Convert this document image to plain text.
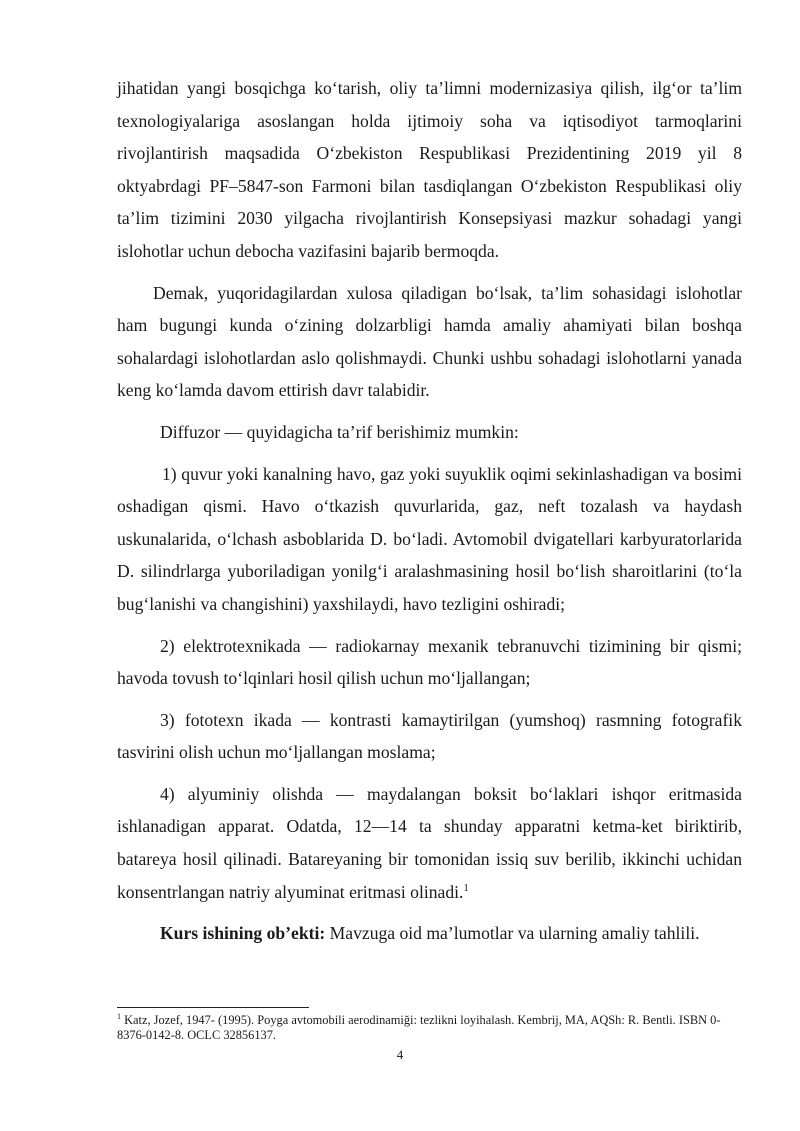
jihatidan yangi bosqichga koʻtarish, oliy taʼlimni modernizasiya qilish, ilgʻor taʼlim texnologiyalariga asoslangan holda ijtimoiy soha va iqtisodiyot tarmoqlarini rivojlantirish maqsadida Oʻzbekiston Respublikasi Prezidentining 2019 yil 8 oktyabrdagi PF–5847-son Farmoni bilan tasdiqlangan Oʻzbekiston Respublikasi oliy taʼlim tizimini 2030 yilgacha rivojlantirish Konsepsiyasi mazkur sohadagi yangi islohotlar uchun debocha vazifasini bajarib bermoqda.

Demak, yuqoridagilardan xulosa qiladigan boʻlsak, taʼlim sohasidagi islohotlar ham bugungi kunda oʻzining dolzarbligi hamda amaliy ahamiyati bilan boshqa sohalardagi islohotlardan aslo qolishmaydi. Chunki ushbu sohadagi islohotlarni yanada keng koʻlamda davom ettirish davr talabidir.

Diffuzor — quyidagicha taʼrif berishimiz mumkin:

1) quvur yoki kanalning havo, gaz yoki suyuklik oqimi sekinlashadigan va bosimi oshadigan qismi. Havo oʻtkazish quvurlarida, gaz, neft tozalash va haydash uskunalarida, oʻlchash asboblarida D. boʻladi. Avtomobil dvigatellari karbyuratorlarida D. silindrlarga yuboriladigan yonilgʻi aralashmasining hosil boʻlish sharoitlarini (toʻla bugʻlanishi va changishini) yaxshilaydi, havo tezligini oshiradi;

2) elektrotexnikada — radiokarnay mexanik tebranuvchi tizimining bir qismi; havoda tovush toʻlqinlari hosil qilish uchun moʻljallangan;

3) fototexn ikada — kontrasti kamaytirilgan (yumshoq) rasmning fotografik tasvirini olish uchun moʻljallangan moslama;

4) alyuminiy olishda — maydalangan boksit boʻlaklari ishqor eritmasida ishlanadigan apparat. Odatda, 12—14 ta shunday apparatni ketma-ket biriktirib, batareya hosil qilinadi. Batareyaning bir tomonidan issiq suv berilib, ikkinchi uchidan konsentrlangan natriy alyuminat eritmasi olinadi.$^1$

Kurs ishining obʼekti: Mavzuga oid maʼlumotlar va ularning amaliy tahlili.

$^1$ Katz, Jozef, 1947- (1995). Poyga avtomobili aerodinamiği: tezlikni loyihalash. Kembrij, MA, AQSh: R. Bentli. ISBN 0-8376-0142-8. OCLC 32856137.
4
